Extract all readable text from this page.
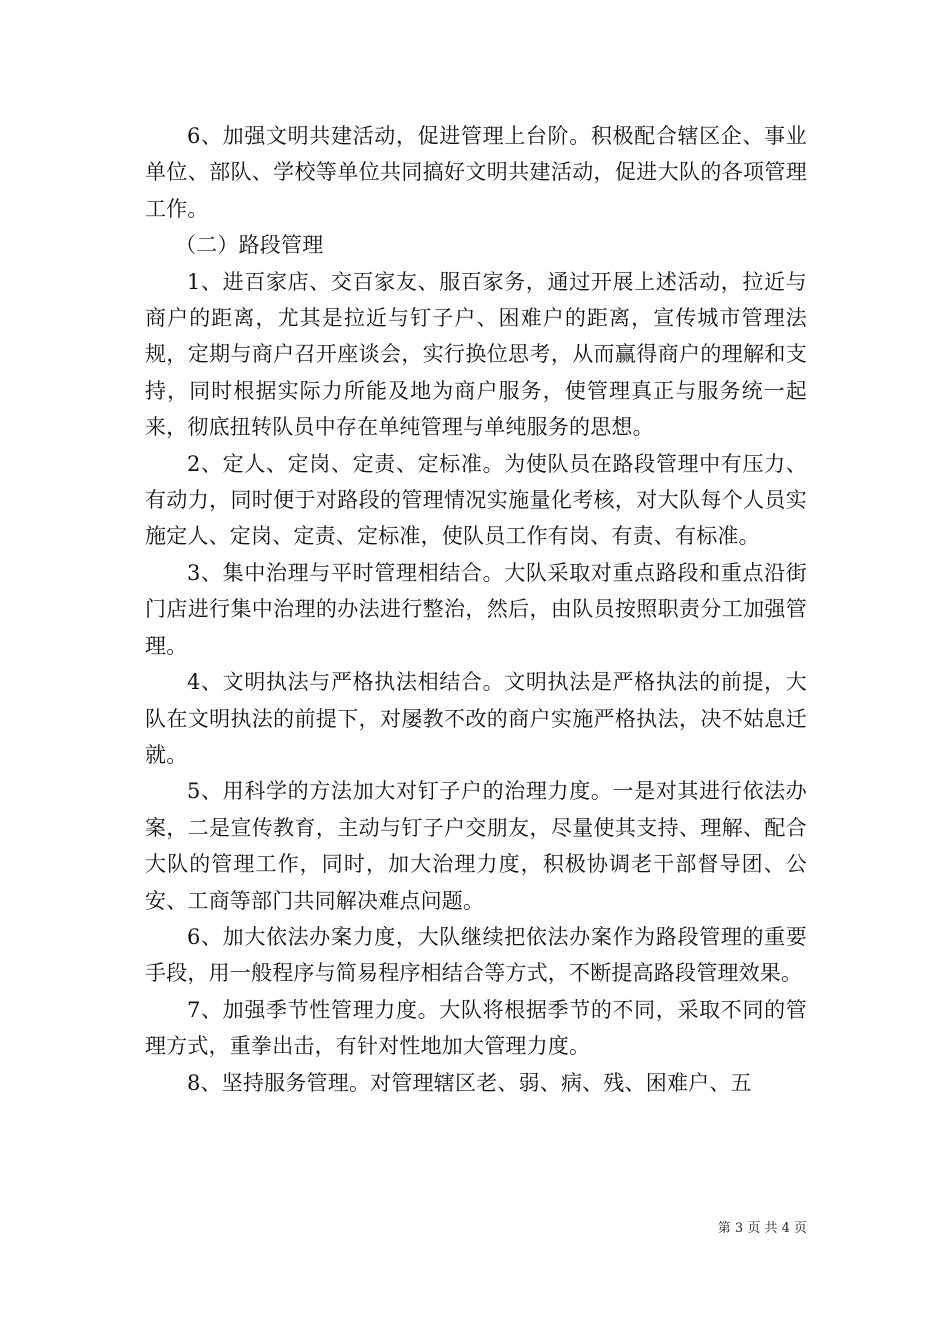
6、加强文明共建活动，促进管理上台阶。积极配合辖区企、事业单位、部队、学校等单位共同搞好文明共建活动，促进大队的各项管理工作。

（二）路段管理

1、进百家店、交百家友、服百家务，通过开展上述活动，拉近与商户的距离，尤其是拉近与钉子户、困难户的距离，宣传城市管理法规，定期与商户召开座谈会，实行换位思考，从而赢得商户的理解和支持，同时根据实际力所能及地为商户服务，使管理真正与服务统一起来，彻底扭转队员中存在单纯管理与单纯服务的思想。

2、定人、定岗、定责、定标准。为使队员在路段管理中有压力、有动力，同时便于对路段的管理情况实施量化考核，对大队每个人员实施定人、定岗、定责、定标准，使队员工作有岗、有责、有标准。

3、集中治理与平时管理相结合。大队采取对重点路段和重点沿街门店进行集中治理的办法进行整治，然后，由队员按照职责分工加强管理。

4、文明执法与严格执法相结合。文明执法是严格执法的前提，大队在文明执法的前提下，对屡教不改的商户实施严格执法，决不姑息迁就。

5、用科学的方法加大对钉子户的治理力度。一是对其进行依法办案，二是宣传教育，主动与钉子户交朋友，尽量使其支持、理解、配合大队的管理工作，同时，加大治理力度，积极协调老干部督导团、公安、工商等部门共同解决难点问题。

6、加大依法办案力度，大队继续把依法办案作为路段管理的重要手段，用一般程序与简易程序相结合等方式，不断提高路段管理效果。

7、加强季节性管理力度。大队将根据季节的不同，采取不同的管理方式，重拳出击，有针对性地加大管理力度。

8、坚持服务管理。对管理辖区老、弱、病、残、困难户、五

第 3 页 共 4 页
